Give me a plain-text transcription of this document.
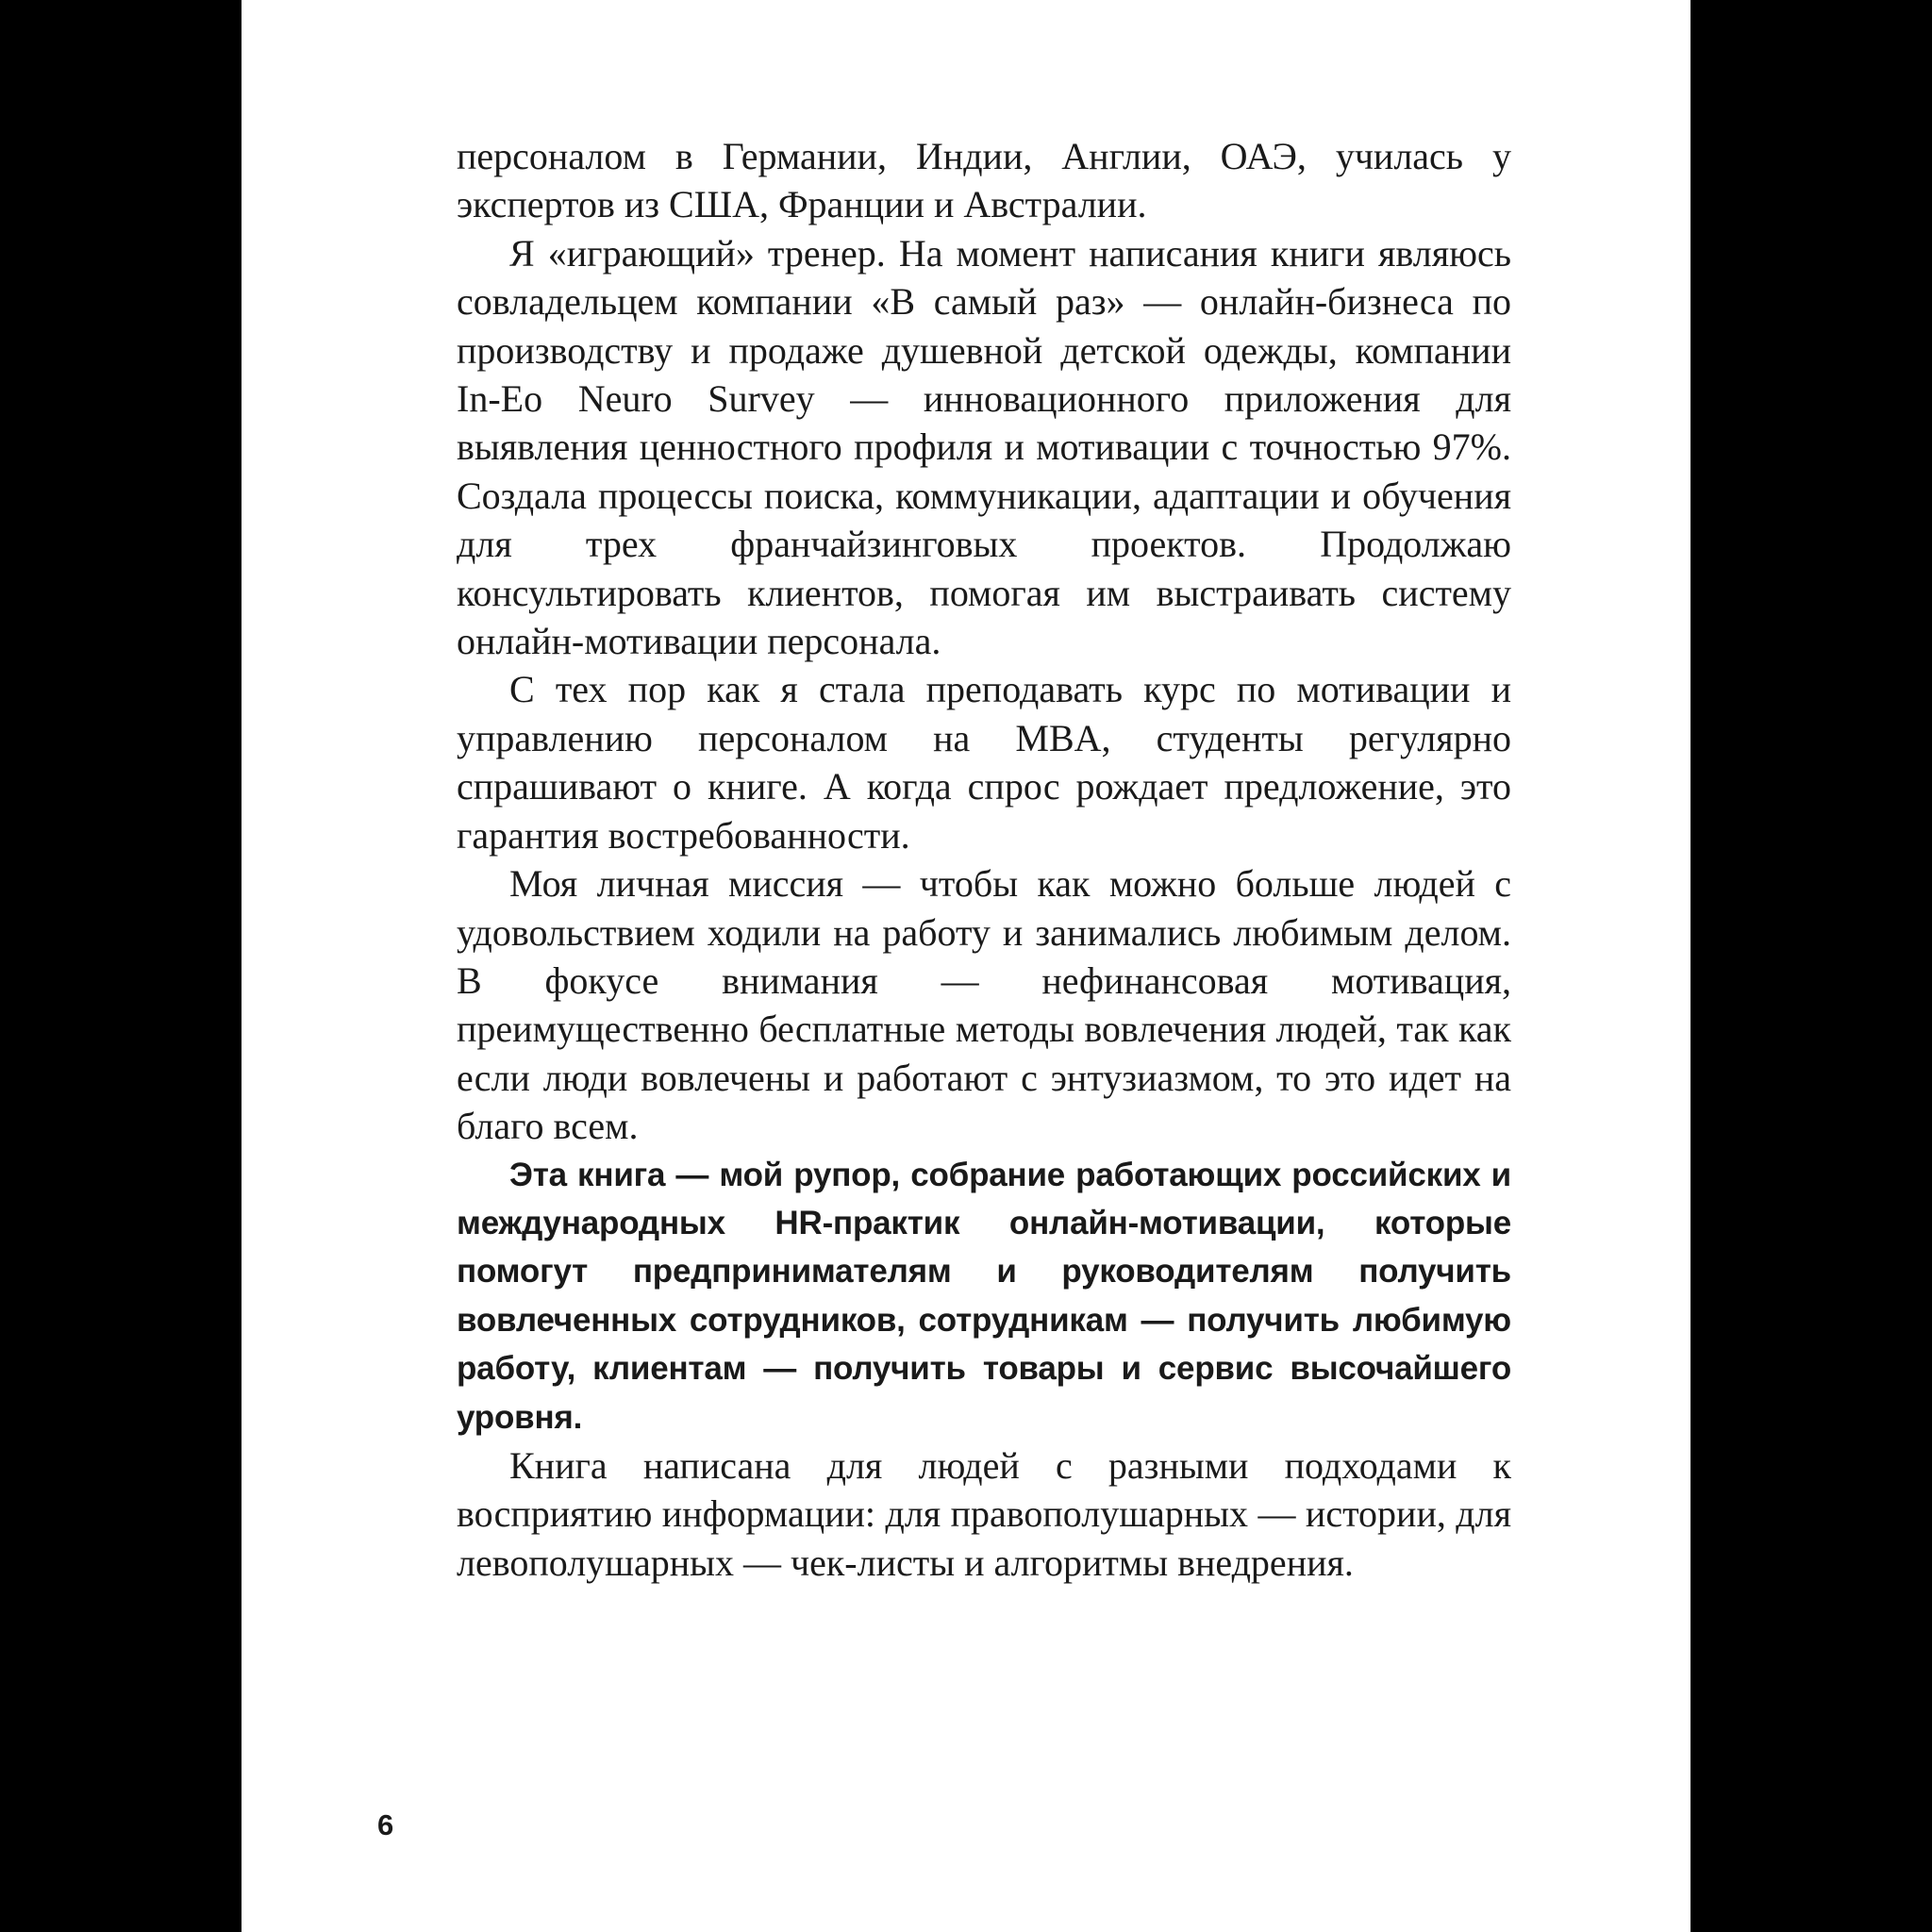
персоналом в Германии, Индии, Англии, ОАЭ, училась у экспертов из США, Франции и Австралии.

Я «играющий» тренер. На момент написания книги являюсь совладельцем компании «В самый раз» — онлайн-бизнеса по производству и продаже душевной детской одежды, компании In-Eo Neuro Survey — инновационного приложения для выявления ценностного профиля и мотивации с точностью 97%. Создала процессы поиска, коммуникации, адаптации и обучения для трех франчайзинговых проектов. Продолжаю консультировать клиентов, помогая им выстраивать систему онлайн-мотивации персонала.

С тех пор как я стала преподавать курс по мотивации и управлению персоналом на MBA, студенты регулярно спрашивают о книге. А когда спрос рождает предложение, это гарантия востребованности.

Моя личная миссия — чтобы как можно больше людей с удовольствием ходили на работу и занимались любимым делом. В фокусе внимания — нефинансовая мотивация, преимущественно бесплатные методы вовлечения людей, так как если люди вовлечены и работают с энтузиазмом, то это идет на благо всем.

Эта книга — мой рупор, собрание работающих российских и международных HR-практик онлайн-мотивации, которые помогут предпринимателям и руководителям получить вовлеченных сотрудников, сотрудникам — получить любимую работу, клиентам — получить товары и сервис высочайшего уровня.

Книга написана для людей с разными подходами к восприятию информации: для правополушарных — истории, для левополушарных — чек-листы и алгоритмы внедрения.

6
